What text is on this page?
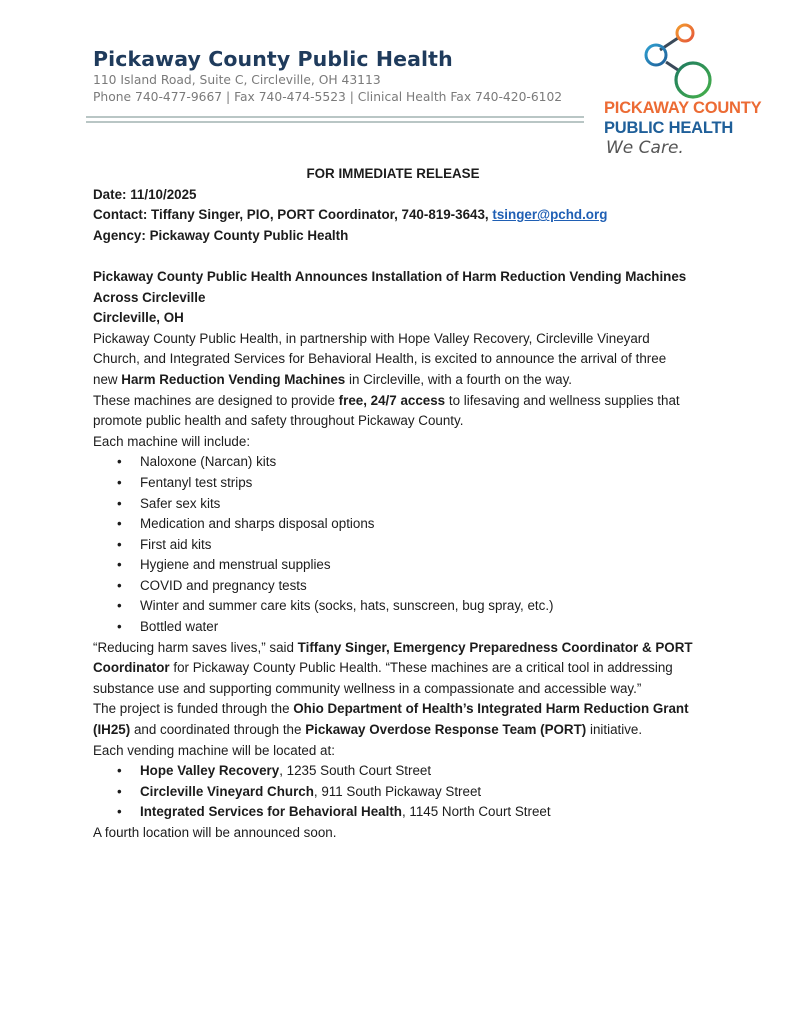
Pickaway County Public Health
110 Island Road, Suite C, Circleville, OH 43113
Phone 740-477-9667 | Fax 740-474-5523 | Clinical Health Fax 740-420-6102
PICKAWAY COUNTY
PUBLIC HEALTH
We Care.
FOR IMMEDIATE RELEASE
Date: 11/10/2025
Contact: Tiffany Singer, PIO, PORT Coordinator, 740-819-3643, tsinger@pchd.org
Agency: Pickaway County Public Health
Pickaway County Public Health Announces Installation of Harm Reduction Vending Machines Across Circleville
Circleville, OH
Pickaway County Public Health, in partnership with Hope Valley Recovery, Circleville Vineyard Church, and Integrated Services for Behavioral Health, is excited to announce the arrival of three new Harm Reduction Vending Machines in Circleville, with a fourth on the way.
These machines are designed to provide free, 24/7 access to lifesaving and wellness supplies that promote public health and safety throughout Pickaway County.
Each machine will include:
• Naloxone (Narcan) kits
• Fentanyl test strips
• Safer sex kits
• Medication and sharps disposal options
• First aid kits
• Hygiene and menstrual supplies
• COVID and pregnancy tests
• Winter and summer care kits (socks, hats, sunscreen, bug spray, etc.)
• Bottled water
“Reducing harm saves lives,” said Tiffany Singer, Emergency Preparedness Coordinator & PORT Coordinator for Pickaway County Public Health. “These machines are a critical tool in addressing substance use and supporting community wellness in a compassionate and accessible way.”
The project is funded through the Ohio Department of Health’s Integrated Harm Reduction Grant (IH25) and coordinated through the Pickaway Overdose Response Team (PORT) initiative.
Each vending machine will be located at:
• Hope Valley Recovery, 1235 South Court Street
• Circleville Vineyard Church, 911 South Pickaway Street
• Integrated Services for Behavioral Health, 1145 North Court Street
A fourth location will be announced soon.
